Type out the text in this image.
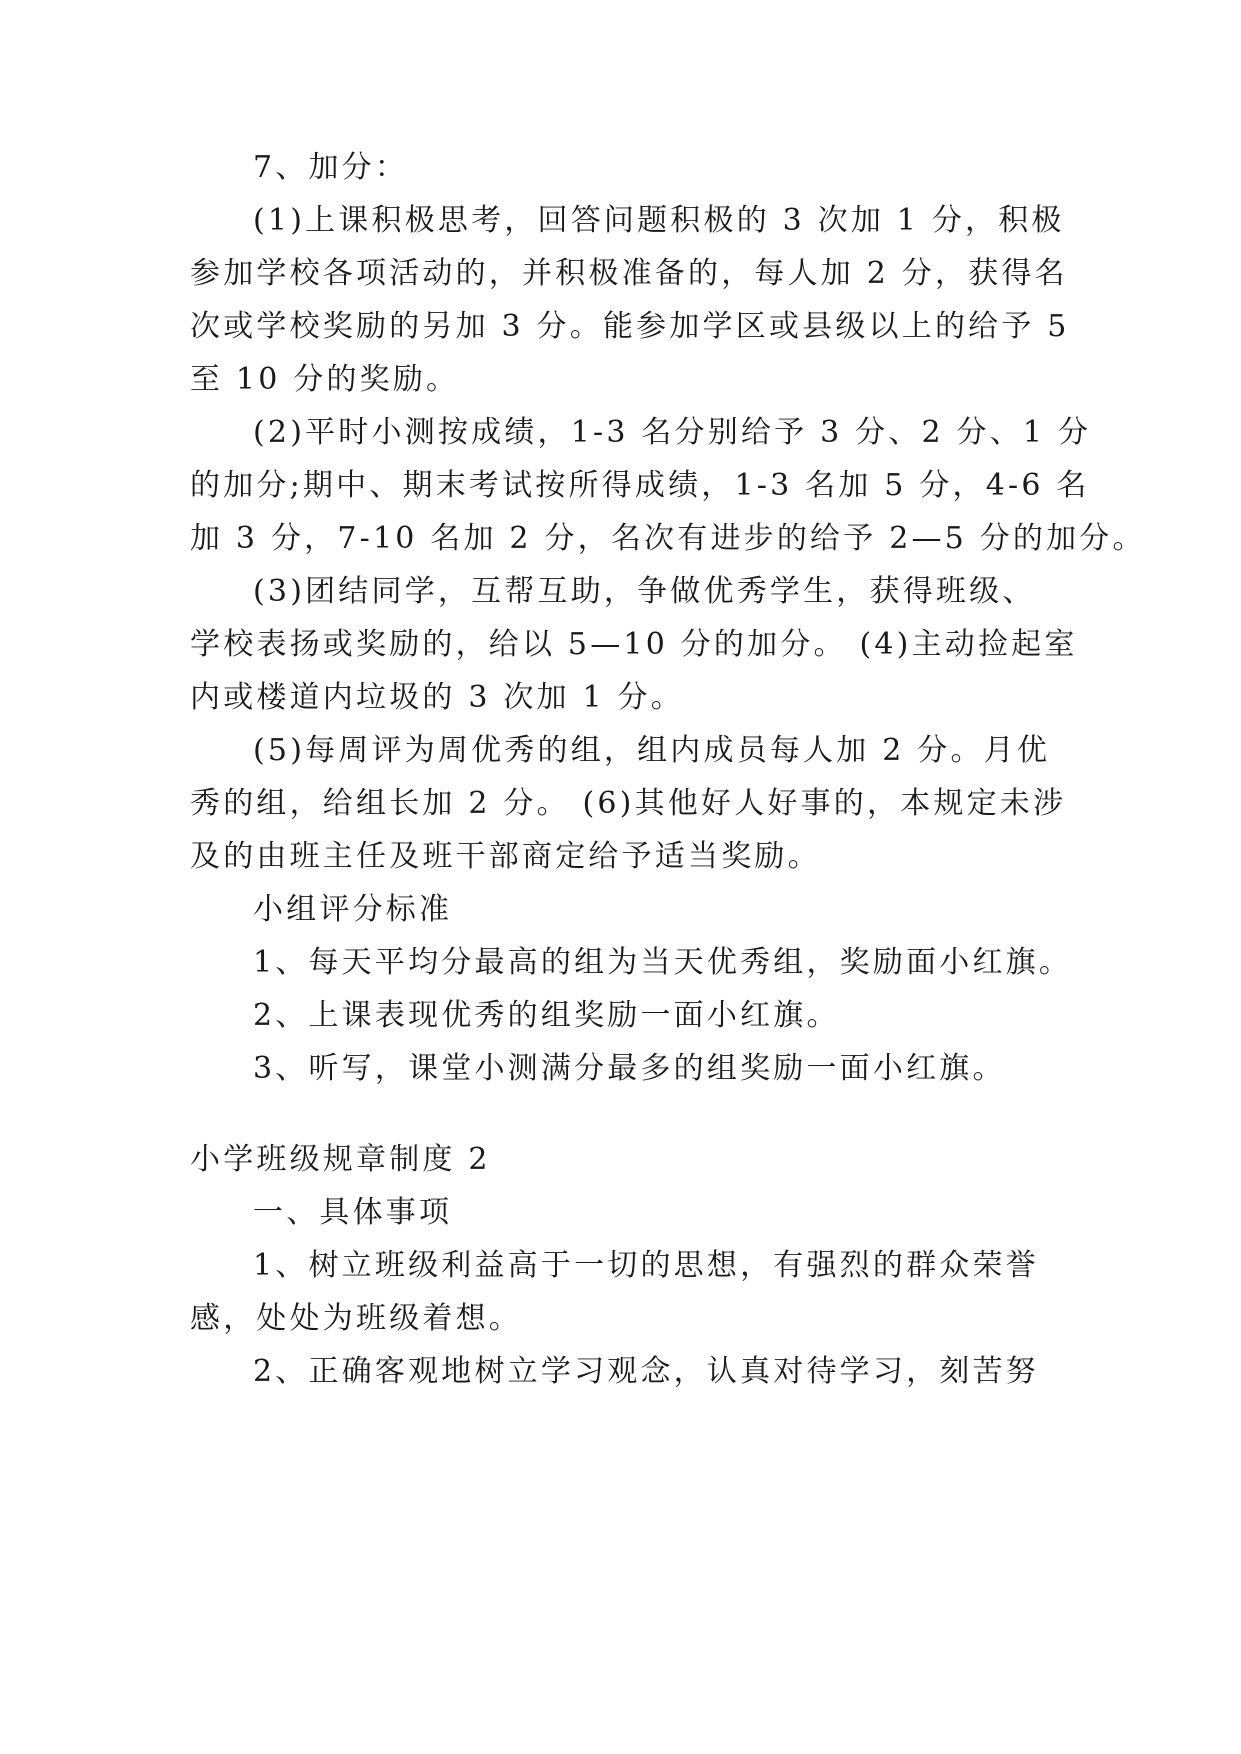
7、加分：
(1)上课积极思考，回答问题积极的 3 次加 1 分，积极
参加学校各项活动的，并积极准备的，每人加 2 分，获得名
次或学校奖励的另加 3 分。能参加学区或县级以上的给予 5
至 10 分的奖励。
(2)平时小测按成绩，1-3 名分别给予 3 分、2 分、1 分
的加分;期中、期末考试按所得成绩，1-3 名加 5 分，4-6 名
加 3 分，7-10 名加 2 分，名次有进步的给予 2—5 分的加分。
(3)团结同学，互帮互助，争做优秀学生，获得班级、
学校表扬或奖励的，给以 5—10 分的加分。 (4)主动捡起室
内或楼道内垃圾的 3 次加 1 分。
(5)每周评为周优秀的组，组内成员每人加 2 分。月优
秀的组，给组长加 2 分。 (6)其他好人好事的，本规定未涉
及的由班主任及班干部商定给予适当奖励。
小组评分标准
1、每天平均分最高的组为当天优秀组，奖励面小红旗。
2、上课表现优秀的组奖励一面小红旗。
3、听写，课堂小测满分最多的组奖励一面小红旗。
小学班级规章制度 2
一、具体事项
1、树立班级利益高于一切的思想，有强烈的群众荣誉
感，处处为班级着想。
2、正确客观地树立学习观念，认真对待学习，刻苦努
